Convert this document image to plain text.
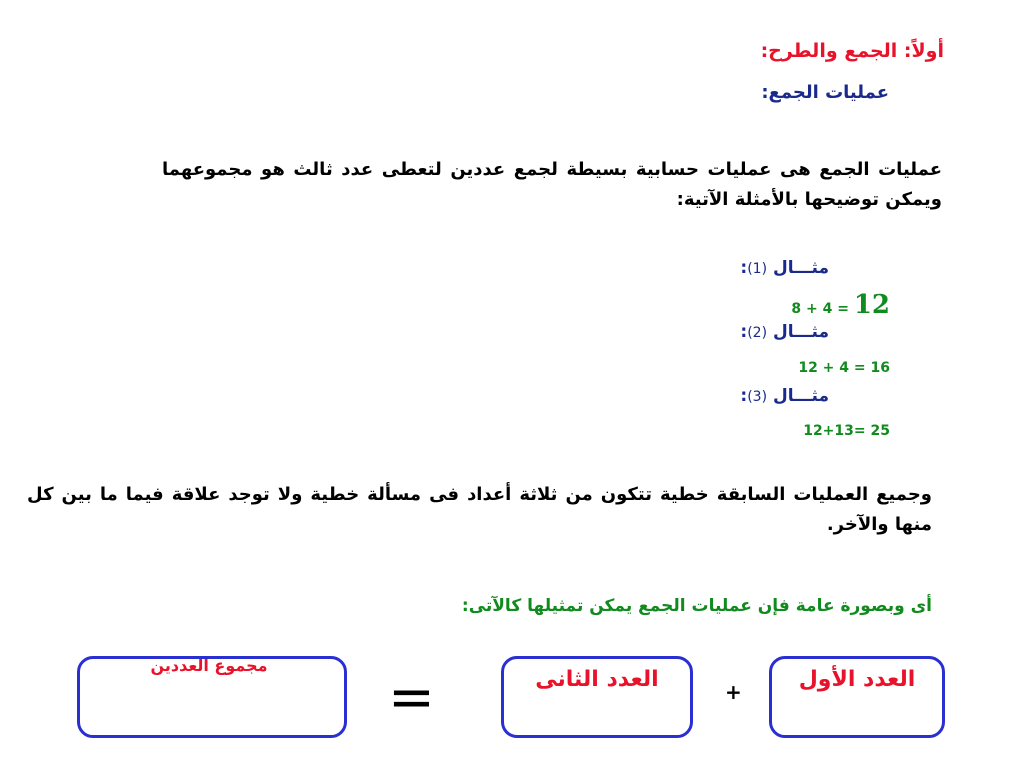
أولاً: الجمع والطرح:
عمليات الجمع:
عمليات الجمع هى عمليات حسابية بسيطة لجمع عددين لتعطى عدد ثالث هو مجموعهما ويمكن توضيحها بالأمثلة الآتية:
مثـــال (1):
8 + 4 = 12
مثـــال (2):
12 + 4 = 16
مثـــال (3):
12+13= 25
وجميع العمليات السابقة خطية تتكون من ثلاثة أعداد فى مسألة خطية ولا توجد علاقة فيما ما بين كل منها والآخر.
أى وبصورة عامة فإن عمليات الجمع يمكن تمثيلها كالآتى:
العدد الأول
+
العدد الثانى
=
مجموع العددين
